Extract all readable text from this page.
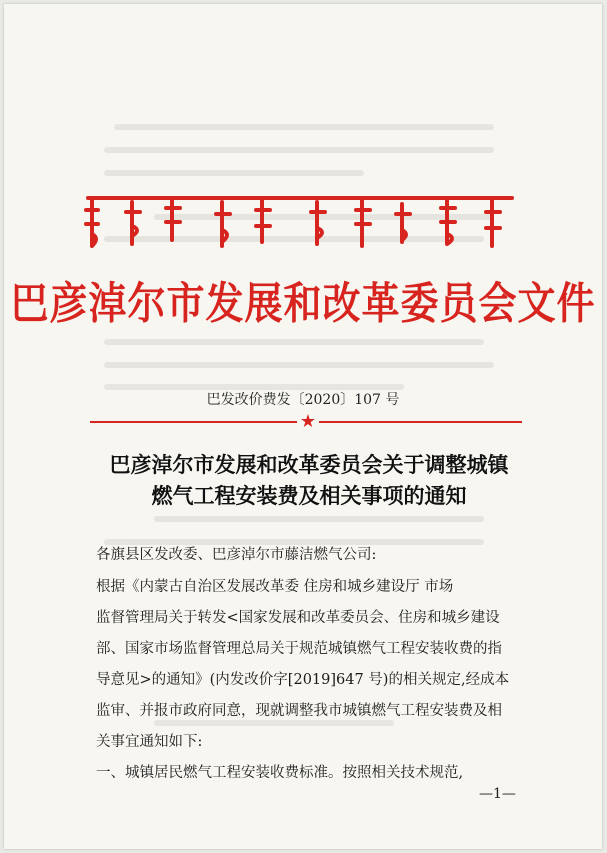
巴彦淖尔市发展和改革委员会文件
巴发改价费发〔2020〕107 号
★
巴彦淖尔市发展和改革委员会关于调整城镇
燃气工程安装费及相关事项的通知
各旗县区发改委、巴彦淖尔市藤洁燃气公司:
根据《内蒙古自治区发展改革委 住房和城乡建设厅 市场
监督管理局关于转发<国家发展和改革委员会、住房和城乡建设
部、国家市场监督管理总局关于规范城镇燃气工程安装收费的指
导意见>的通知》(内发改价字[2019]647 号)的相关规定,经成本
监审、并报市政府同意，现就调整我市城镇燃气工程安装费及相
关事宜通知如下:
一、城镇居民燃气工程安装收费标准。按照相关技术规范,
—1—
